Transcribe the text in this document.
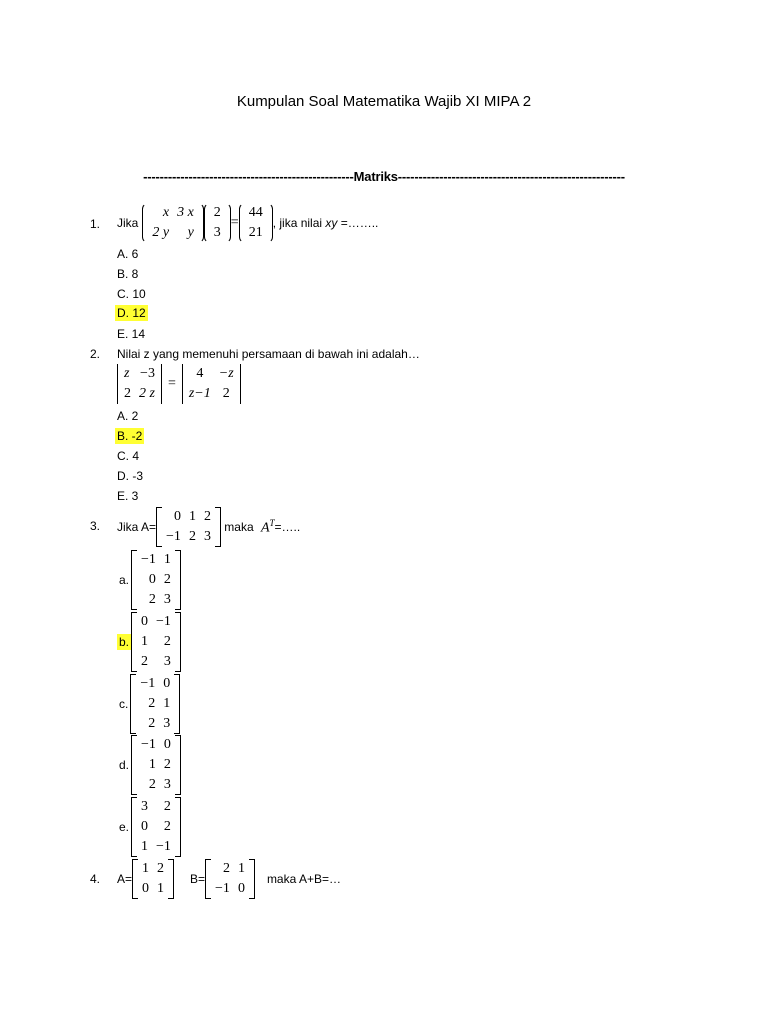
Kumpulan Soal Matematika Wajib XI MIPA 2
---------------------------------------------------Matriks-------------------------------------------------------
1. Jika
x	3 x
2 y	y
2
3
=
44
21
, jika nilai xy =……..
A. 6
B. 8
C. 10
D. 12
E. 14
2. Nilai z yang memenuhi persamaan di bawah ini adalah…
z	−3
2	2 z
=
4	−z
z−1	2
A. 2
B. -2
C. 4
D. -3
E. 3
3. Jika A=
0	1	2
−1	2	3
maka $A^T$ =…..
a.
−1	1
0	2
2	3
b.
0	−1
1	2
2	3
c.
−1	0
2	1
2	3
d.
−1	0
1	2
2	3
e.
3	2
0	2
1	−1
4. A=
1	2
0	1
B=
2	1
−1	0
maka A+B=…
